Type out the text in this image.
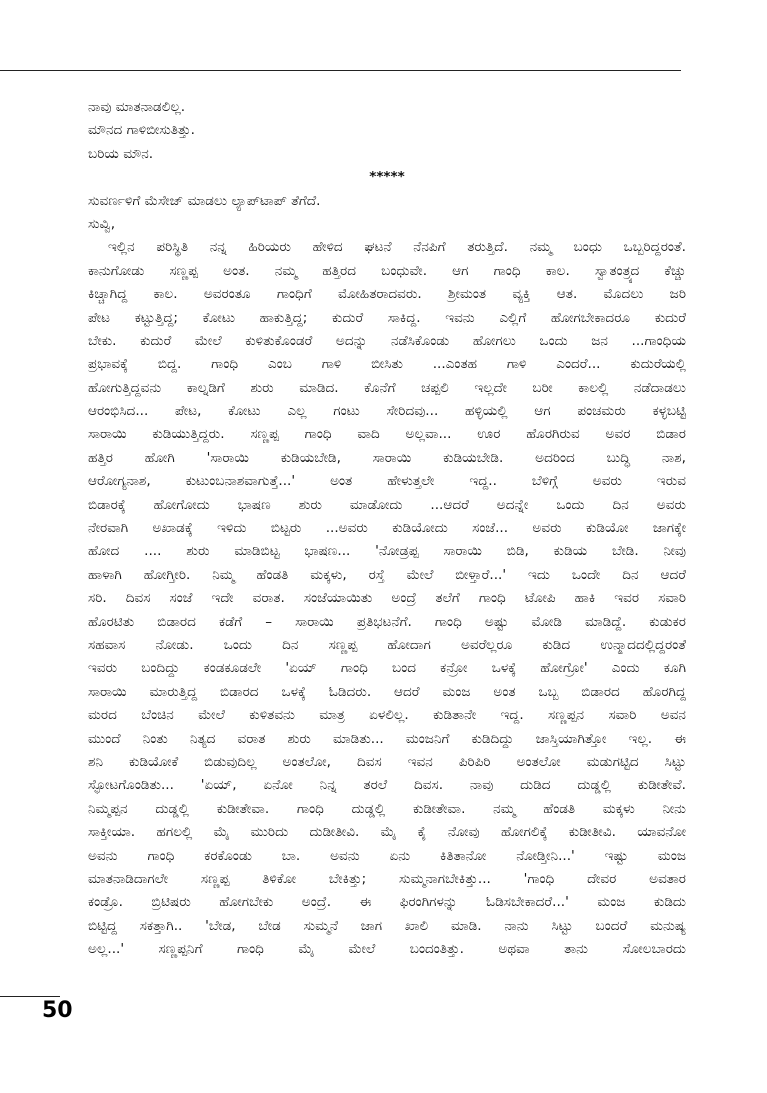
ನಾವು ಮಾತನಾಡಲಿಲ್ಲ.
ಮೌನದ ಗಾಳಿಬೀಸುತಿತ್ತು.
ಬರಿಯ ಮೌನ.
*****
ಸುವರ್ಣಳಿಗೆ ಮೆಸೇಜ್ ಮಾಡಲು ಲ್ಯಾಪ್‌ಟಾಪ್ ತೆಗೆದೆ.
ಸುವ್ವಿ,
ಇಲ್ಲಿನ ಪರಿಸ್ಥಿತಿ ನನ್ನ ಹಿರಿಯರು ಹೇಳಿದ ಘಟನೆ ನೆನಪಿಗೆ ತರುತ್ತಿದೆ. ನಮ್ಮ ಬಂಧು ಒಬ್ಬರಿದ್ದರಂತೆ.
ಕಾನುಗೋಡು ಸಣ್ಣಪ್ಪ ಅಂತ. ನಮ್ಮ ಹತ್ತಿರದ ಬಂಧುವೇ. ಆಗ ಗಾಂಧಿ ಕಾಲ. ಸ್ವಾತಂತ್ರ್ಯದ ಕೆಚ್ಚು
ಕಿಚ್ಚಾಗಿದ್ದ ಕಾಲ. ಅವರಂತೂ ಗಾಂಧಿಗೆ ಮೋಹಿತರಾದವರು. ಶ್ರೀಮಂತ ವ್ಯಕ್ತಿ ಆತ. ಮೊದಲು ಜರಿ
ಪೇಟ ಕಟ್ಟುತ್ತಿದ್ದ; ಕೋಟು ಹಾಕುತ್ತಿದ್ದ; ಕುದುರೆ ಸಾಕಿದ್ದ. ಇವನು ಎಲ್ಲಿಗೆ ಹೋಗಬೇಕಾದರೂ ಕುದುರೆ
ಬೇಕು. ಕುದುರೆ ಮೇಲೆ ಕುಳಿತುಕೊಂಡರೆ ಅದನ್ನು ನಡೆಸಿಕೊಂಡು ಹೋಗಲು ಒಂದು ಜನ ...ಗಾಂಧಿಯ
ಪ್ರಭಾವಕ್ಕೆ ಬಿದ್ದ. ಗಾಂಧಿ ಎಂಬ ಗಾಳಿ ಬೀಸಿತು ...ಎಂತಹ ಗಾಳಿ ಎಂದರೆ... ಕುದುರೆಯಲ್ಲಿ
ಹೋಗುತ್ತಿದ್ದವನು ಕಾಲ್ನಡಿಗೆ ಶುರು ಮಾಡಿದ. ಕೊನೆಗೆ ಚಪ್ಪಲಿ ಇಲ್ಲದೇ ಬರೀ ಕಾಲಲ್ಲಿ ನಡೆದಾಡಲು
ಆರಂಭಿಸಿದ... ಪೇಟ, ಕೋಟು ಎಲ್ಲ ಗಂಟು ಸೇರಿದವು... ಹಳ್ಳಿಯಲ್ಲಿ ಆಗ ಪಂಚಮರು ಕಳ್ಳಬಟ್ಟಿ
ಸಾರಾಯಿ ಕುಡಿಯುತ್ತಿದ್ದರು. ಸಣ್ಣಪ್ಪ ಗಾಂಧಿ ವಾದಿ ಅಲ್ಲವಾ... ಊರ ಹೊರಗಿರುವ ಅವರ ಬಿಡಾರ
ಹತ್ತಿರ ಹೋಗಿ 'ಸಾರಾಯಿ ಕುಡಿಯಬೇಡಿ, ಸಾರಾಯಿ ಕುಡಿಯಬೇಡಿ. ಅದರಿಂದ ಬುದ್ಧಿ ನಾಶ,
ಆರೋಗ್ಯನಾಶ, ಕುಟುಂಬನಾಶವಾಗುತ್ತೆ...' ಅಂತ ಹೇಳುತ್ತಲೇ ಇದ್ದ.. ಬೆಳಿಗ್ಗೆ ಅವರು ಇರುವ
ಬಿಡಾರಕ್ಕೆ ಹೋಗೋದು ಭಾಷಣ ಶುರು ಮಾಡೋದು ...ಆದರೆ ಅದನ್ನೇ ಒಂದು ದಿನ ಅವರು
ನೇರವಾಗಿ ಅಖಾಡಕ್ಕೆ ಇಳಿದು ಬಿಟ್ಟರು ...ಅವರು ಕುಡಿಯೋದು ಸಂಜೆ... ಅವರು ಕುಡಿಯೋ ಜಾಗಕ್ಕೇ
ಹೋದ .... ಶುರು ಮಾಡಿಬಿಟ್ಟ ಭಾಷಣ... 'ನೋಡ್ರಪ್ಪ ಸಾರಾಯಿ ಬಿಡಿ, ಕುಡಿಯ ಬೇಡಿ. ನೀವು
ಹಾಳಾಗಿ ಹೋಗ್ತೀರಿ. ನಿಮ್ಮ ಹೆಂಡತಿ ಮಕ್ಕಳು, ರಸ್ತೆ ಮೇಲೆ ಬೀಳ್ತಾರೆ...' ಇದು ಒಂದೇ ದಿನ ಆದರೆ
ಸರಿ. ದಿವಸ ಸಂಜೆ ಇದೇ ವರಾತ. ಸಂಜೆಯಾಯಿತು ಅಂದ್ರೆ ತಲೆಗೆ ಗಾಂಧಿ ಟೋಪಿ ಹಾಕಿ ಇವರ ಸವಾರಿ
ಹೊರಟಿತು ಬಿಡಾರದ ಕಡೆಗೆ – ಸಾರಾಯಿ ಪ್ರತಿಭಟನೆಗೆ. ಗಾಂಧಿ ಅಷ್ಟು ಮೋಡಿ ಮಾಡಿದ್ದೆ. ಕುಡುಕರ
ಸಹವಾಸ ನೋಡು. ಒಂದು ದಿನ ಸಣ್ಣಪ್ಪ ಹೋದಾಗ ಅವರೆಲ್ಲರೂ ಕುಡಿದ ಉನ್ಮಾದದಲ್ಲಿದ್ದರಂತೆ
ಇವರು ಬಂದಿದ್ದು ಕಂಡಕೂಡಲೇ 'ಏಯ್ ಗಾಂಧಿ ಬಂದ ಕನ್ರೋ ಒಳಕ್ಕೆ ಹೋಗ್ರೋ' ಎಂದು ಕೂಗಿ
ಸಾರಾಯಿ ಮಾರುತ್ತಿದ್ದ ಬಿಡಾರದ ಒಳಕ್ಕೆ ಓಡಿದರು. ಆದರೆ ಮಂಜ ಅಂತ ಒಬ್ಬ ಬಿಡಾರದ ಹೊರಗಿದ್ದ
ಮರದ ಬೆಂಚಿನ ಮೇಲೆ ಕುಳಿತವನು ಮಾತ್ರ ಏಳಲಿಲ್ಲ. ಕುಡಿತಾನೇ ಇದ್ದ. ಸಣ್ಣಪ್ಪನ ಸವಾರಿ ಅವನ
ಮುಂದೆ ನಿಂತು ನಿತ್ಯದ ವರಾತ ಶುರು ಮಾಡಿತು... ಮಂಜನಿಗೆ ಕುಡಿದಿದ್ದು ಜಾಸ್ತಿಯಾಗಿತ್ತೋ ಇಲ್ಲ. ಈ
ಶನಿ ಕುಡಿಯೋಕೆ ಬಿಡುವುದಿಲ್ಲ ಅಂತಲೋ, ದಿವಸ ಇವನ ಪಿರಿಪಿರಿ ಅಂತಲೋ ಮಡುಗಟ್ಟಿದ ಸಿಟ್ಟು
ಸ್ಫೋಟಗೊಂಡಿತು... 'ಏಯ್, ಏನೋ ನಿನ್ನ ತರಲೆ ದಿವಸ. ನಾವು ದುಡಿದ ದುಡ್ಡಲ್ಲಿ ಕುಡೀತೇವೆ.
ನಿಮ್ಮಪ್ಪನ ದುಡ್ಡಲ್ಲಿ ಕುಡೀತೇವಾ. ಗಾಂಧಿ ದುಡ್ಡಲ್ಲಿ ಕುಡೀತೇವಾ. ನಮ್ಮ ಹೆಂಡತಿ ಮಕ್ಕಳು ನೀನು
ಸಾಕ್ತೀಯಾ. ಹಗಲಲ್ಲಿ ಮೈ ಮುರಿದು ದುಡೀತೀವಿ. ಮೈ ಕೈ ನೋವು ಹೋಗಲಿಕ್ಕೆ ಕುಡೀತೀವಿ. ಯಾವನೋ
ಅವನು ಗಾಂಧಿ ಕರಕೊಂಡು ಬಾ. ಅವನು ಏನು ಕಿತಿತಾನೋ ನೋಡ್ತೀನಿ...' ಇಷ್ಟು ಮಂಜ
ಮಾತನಾಡಿದಾಗಲೇ ಸಣ್ಣಪ್ಪ ತಿಳಿಕೋ ಬೇಕಿತ್ತು; ಸುಮ್ಮನಾಗಬೇಕಿತ್ತು... 'ಗಾಂಧಿ ದೇವರ ಅವತಾರ
ಕಂಡ್ರೊ. ಬ್ರಿಟಿಷರು ಹೋಗಬೇಕು ಅಂದ್ರೆ. ಈ ಫಿರಂಗಿಗಳನ್ನು ಓಡಿಸಬೇಕಾದರೆ...' ಮಂಜ ಕುಡಿದು
ಬಿಟ್ಟಿದ್ದ ಸಕತ್ತಾಗಿ.. 'ಬೇಡ, ಬೇಡ ಸುಮ್ಮನೆ ಜಾಗ ಖಾಲಿ ಮಾಡಿ. ನಾನು ಸಿಟ್ಟು ಬಂದರೆ ಮನುಷ್ಯ
ಅಲ್ಲ...' ಸಣ್ಣಪ್ಪನಿಗೆ ಗಾಂಧಿ ಮೈ ಮೇಲೆ ಬಂದಂತಿತ್ತು. ಅಥವಾ ತಾನು ಸೋಲಬಾರದು
50
